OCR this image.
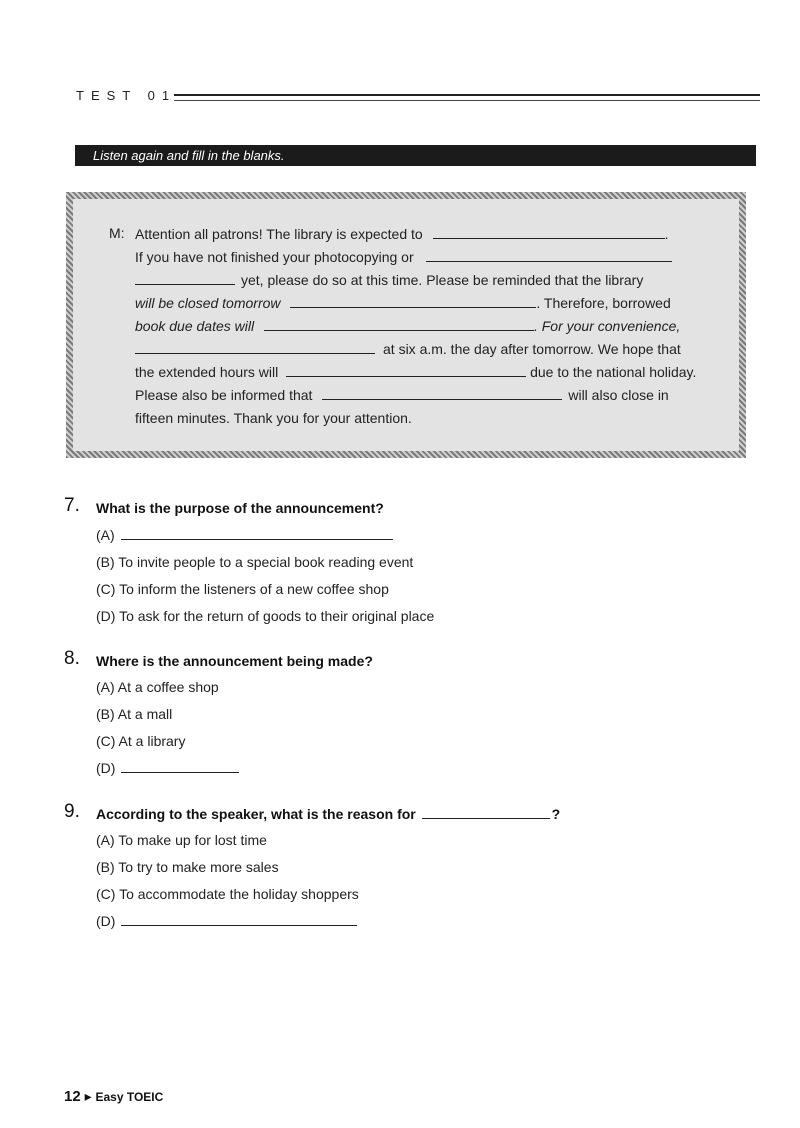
TEST 01
Listen again and fill in the blanks.
M: Attention all patrons! The library is expected to	.
If you have not finished your photocopying or
yet, please do so at this time. Please be reminded that the library
will be closed tomorrow	. Therefore, borrowed
book due dates will	. For your convenience,
at six a.m. the day after tomorrow. We hope that
the extended hours will	due to the national holiday.
Please also be informed that	will also close in
fifteen minutes. Thank you for your attention.
7. What is the purpose of the announcement?
(A)
(B) To invite people to a special book reading event
(C) To inform the listeners of a new coffee shop
(D) To ask for the return of goods to their original place
8. Where is the announcement being made?
(A) At a coffee shop
(B) At a mall
(C) At a library
(D)
9. According to the speaker, what is the reason for	?
(A) To make up for lost time
(B) To try to make more sales
(C) To accommodate the holiday shoppers
(D)
12 ▸ Easy TOEIC
